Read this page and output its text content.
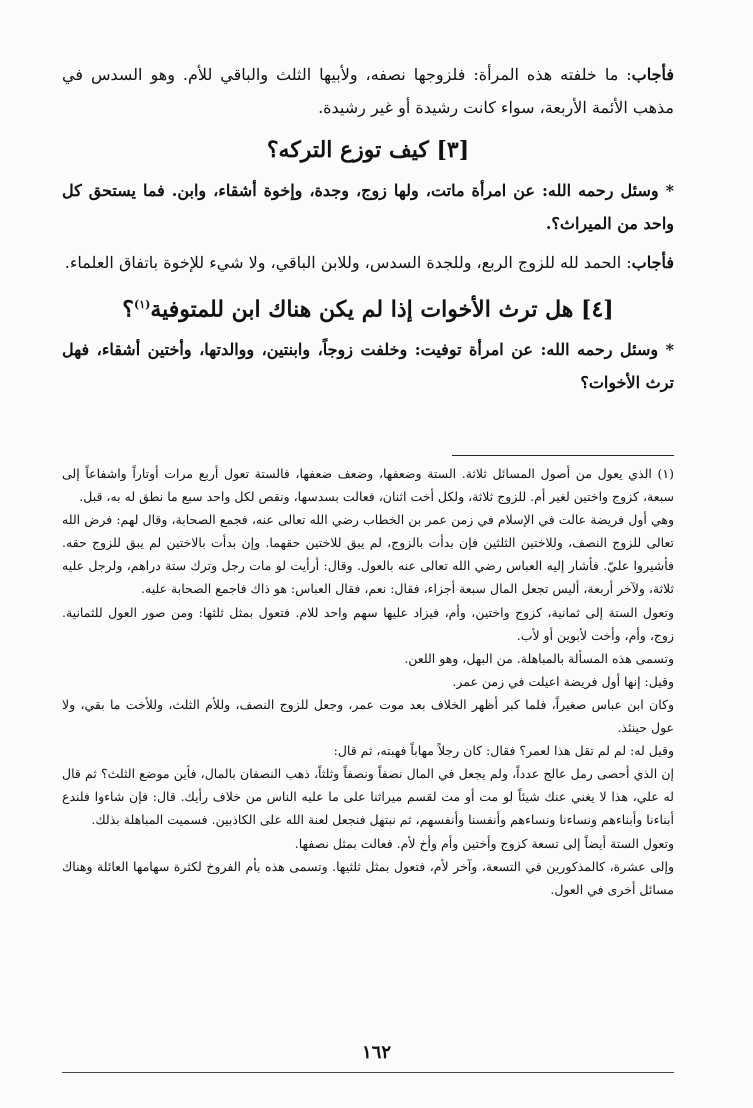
فأجاب: ما خلفته هذه المرأة: فلزوجها نصفه، ولأبيها الثلث والباقي للأم. وهو السدس في مذهب الأئمة الأربعة، سواء كانت رشيدة أو غير رشيدة.

[٣] كيف توزع التركه؟

* وسئل رحمه الله: عن امرأة ماتت، ولها زوج، وجدة، وإخوة أشقاء، وابن. فما يستحق كل واحد من الميراث؟.

فأجاب: الحمد لله للزوج الربع، وللجدة السدس، وللابن الباقي، ولا شيء للإخوة باتفاق العلماء.

[٤] هل ترث الأخوات إذا لم يكن هناك ابن للمتوفية$^{(١)}$؟

* وسئل رحمه الله: عن امرأة توفيت: وخلفت زوجاً، وابنتين، ووالدتها، وأختين أشقاء، فهل ترث الأخوات؟

(١) الذي يعول من أصول المسائل ثلاثة. الستة وضعفها، وضعف ضعفها، فالستة تعول أربع مرات أوتاراً واشفاعاً إلى سبعة، كزوج واختين لغير أم. للزوج ثلاثة، ولكل أخت اثنان، فعالت بسدسها، ونقص لكل واحد سبع ما نطق له به، قبل.

وهي أول فريضة عالت في الإسلام في زمن عمر بن الخطاب رضي الله تعالى عنه، فجمع الصحابة، وقال لهم: فرض الله تعالى للزوج النصف، وللاختين الثلثين فإن بدأت بالزوج، لم يبق للاختين حقهما. وإن بدأت بالاختين لم يبق للزوج حقه. فأشيروا عليّ. فأشار إليه العباس رضي الله تعالى عنه بالعول. وقال: أرأيت لو مات رجل وترك ستة دراهم، ولرجل عليه ثلاثة، ولآخر أربعة، أليس تجعل المال سبعة أجزاء، فقال: نعم، فقال العباس: هو ذاك فاجمع الصحابة عليه.

وتعول الستة إلى ثمانية، كزوج واختين، وأم، فيزاد عليها سهم واحد للام. فتعول بمثل ثلثها: ومن صور العول للثمانية. زوج، وأم، وأخت لأبوين أو لأب.

وتسمى هذه المسألة بالمباهلة. من البهل، وهو اللعن.

وقيل: إنها أول فريضة اعيلت في زمن عمر.

وكان ابن عباس صغيراً، فلما كبر أظهر الخلاف بعد موت عمر، وجعل للزوج النصف، وللأم الثلث، وللأخت ما بقي، ولا عول حينئذ.

وقيل له: لم لم تقل هذا لعمر؟ فقال: كان رجلاً مهاباً فهبته، ثم قال:

إن الذي أحصى رمل عالج عدداً، ولم يجعل في المال نصفاً ونصفاً وثلثاً، ذهب النصفان بالمال، فأين موضع الثلث؟ ثم قال له علي، هذا لا يغني عنك شيئاً لو مت أو مت لقسم ميراثنا على ما عليه الناس من خلاف رأيك. قال: فإن شاءوا فلندع أبناءنا وأبناءهم ونساءنا ونساءهم وأنفسنا وأنفسهم، ثم نبتهل فنجعل لعنة الله على الكاذبين. فسميت المباهلة بذلك.

وتعول الستة أيضاً إلى تسعة كزوج وأختين وأم وأخ لأم. فعالت بمثل نصفها.

وإلى عشرة، كالمذكورين في التسعة، وآخر لأم، فتعول بمثل ثلثيها. وتسمى هذه بأم الفروخ لكثرة سهامها العائلة وهناك مسائل أخرى في العول.

١٦٢
